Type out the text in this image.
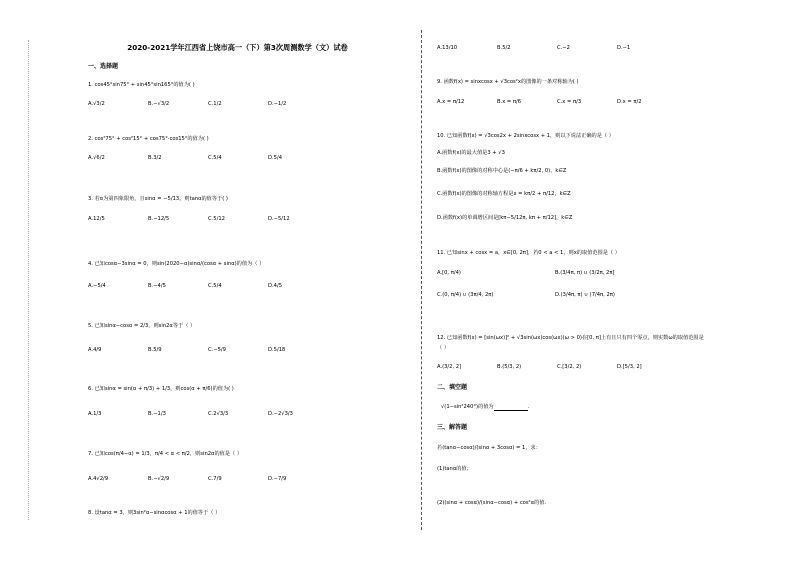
2020-2021学年江西省上饶市高一（下）第3次周测数学（文）试卷
一、选择题
1. cos45°sin75° + sin45°sin165°的值为( )
A.√3/2	B.−√3/2	C.1/2	D.−1/2
2. cos²75° + cos²15° + cos75°·cos15°的值为( )
A.√6/2	B.3/2	C.5/4	D.5/4
3. 若α为第四象限角，且sinα = −5/13，则tanα的值等于( )
A.12/5	B.−12/5	C.5/12	D.−5/12
4. 已知cosα−3sinα = 0，则sin(2020−α)sinα/(cosα + sinα)的值为（ ）
A.−5/4	B.−4/5	C.5/4	D.4/5
5. 已知sinα−cosα = 2/3，则sin2α等于（ ）
A.4/9	B.5/9	C.−5/9	D.5/18
6. 已知sinα = sin(α + π/3) + 1/3，则cos(α + π/6)的值为( )
A.1/3	B.−1/3	C.2√3/3	D.−2√3/3
7. 已知cos(π/4−α) = 1/3，π/4 < α < π/2，则sin2α的值是（ ）
A.4√2/9	B.−√2/9	C.7/9	D.−7/9
8. 设tanα = 3，则3sin²α−sinαcosα + 1的值等于（ ）
A.13/10	B.5/2	C.−2	D.−1
9. 函数f(x) = sinxcosx + √3cos²x的图像的一条对称轴为( )
A.x = π/12	B.x = π/6	C.x = π/3	D.x = π/2
10. 已知函数f(x) = √3cos2x + 2sinxcosx + 1，则以下说法正确的是（ ）
A.函数f(x)的最大值是3 + √3
B.函数f(x)的图像的对称中心是(−π/6 + kπ/2, 0)，k∈Z
C.函数f(x)的图像的对称轴方程是x = kπ/2 + π/12，k∈Z
D.函数f(x)的单调增区间是[kπ−5/12π, kπ + π/12]，k∈Z
11. 已知sinx + cosx = a，x∈[0, 2π]，若0 < a < 1，则x的取值范围是（ ）
A.[0, π/4)	B.(3/4π, π) ∪ (3/2π, 2π]
C.(0, π/4) ∪ (3π/4, 2π)	D.(3/4π, π) ∪ (7/4π, 2π)
12. 已知函数f(x) = [sin(ωx)]² + √3sin(ωx)cos(ωx)(ω > 0)在[0, π]上有且只有四个零点，则实数ω的取值范围是
（ ）
A.(3/2, 2]	B.(5/3, 2)	C.[3/2, 2)	D.[5/3, 2]
二、填空题
√(1−sin²240°)的值为	.
三、解答题
若(tanα−cosα)/(sinα + 3cosα) = 1，求：
(1)tanα的值；
(2)(sinα + cosα)/(sinα−cosα) + cos²α的值.
